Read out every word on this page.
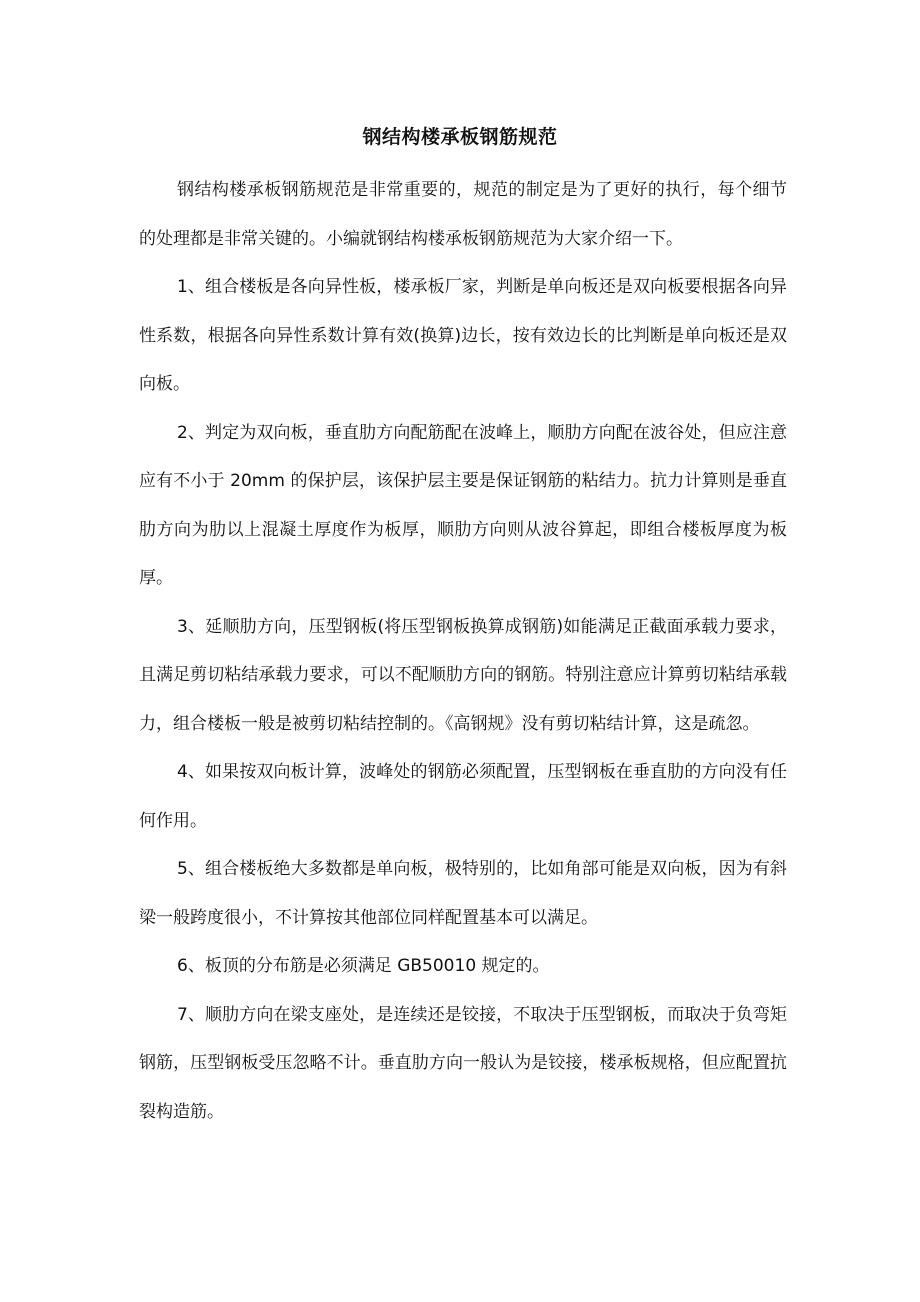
钢结构楼承板钢筋规范

钢结构楼承板钢筋规范是非常重要的，规范的制定是为了更好的执行，每个细节的处理都是非常关键的。小编就钢结构楼承板钢筋规范为大家介绍一下。

1、组合楼板是各向异性板，楼承板厂家，判断是单向板还是双向板要根据各向异性系数，根据各向异性系数计算有效(换算)边长，按有效边长的比判断是单向板还是双向板。

2、判定为双向板，垂直肋方向配筋配在波峰上，顺肋方向配在波谷处，但应注意应有不小于 20mm 的保护层，该保护层主要是保证钢筋的粘结力。抗力计算则是垂直肋方向为肋以上混凝土厚度作为板厚，顺肋方向则从波谷算起，即组合楼板厚度为板厚。

3、延顺肋方向，压型钢板(将压型钢板换算成钢筋)如能满足正截面承载力要求，且满足剪切粘结承载力要求，可以不配顺肋方向的钢筋。特别注意应计算剪切粘结承载力，组合楼板一般是被剪切粘结控制的。《高钢规》没有剪切粘结计算，这是疏忽。

4、如果按双向板计算，波峰处的钢筋必须配置，压型钢板在垂直肋的方向没有任何作用。

5、组合楼板绝大多数都是单向板，极特别的，比如角部可能是双向板，因为有斜梁一般跨度很小，不计算按其他部位同样配置基本可以满足。

6、板顶的分布筋是必须满足 GB50010 规定的。

7、顺肋方向在梁支座处，是连续还是铰接，不取决于压型钢板，而取决于负弯矩钢筋，压型钢板受压忽略不计。垂直肋方向一般认为是铰接，楼承板规格，但应配置抗裂构造筋。
